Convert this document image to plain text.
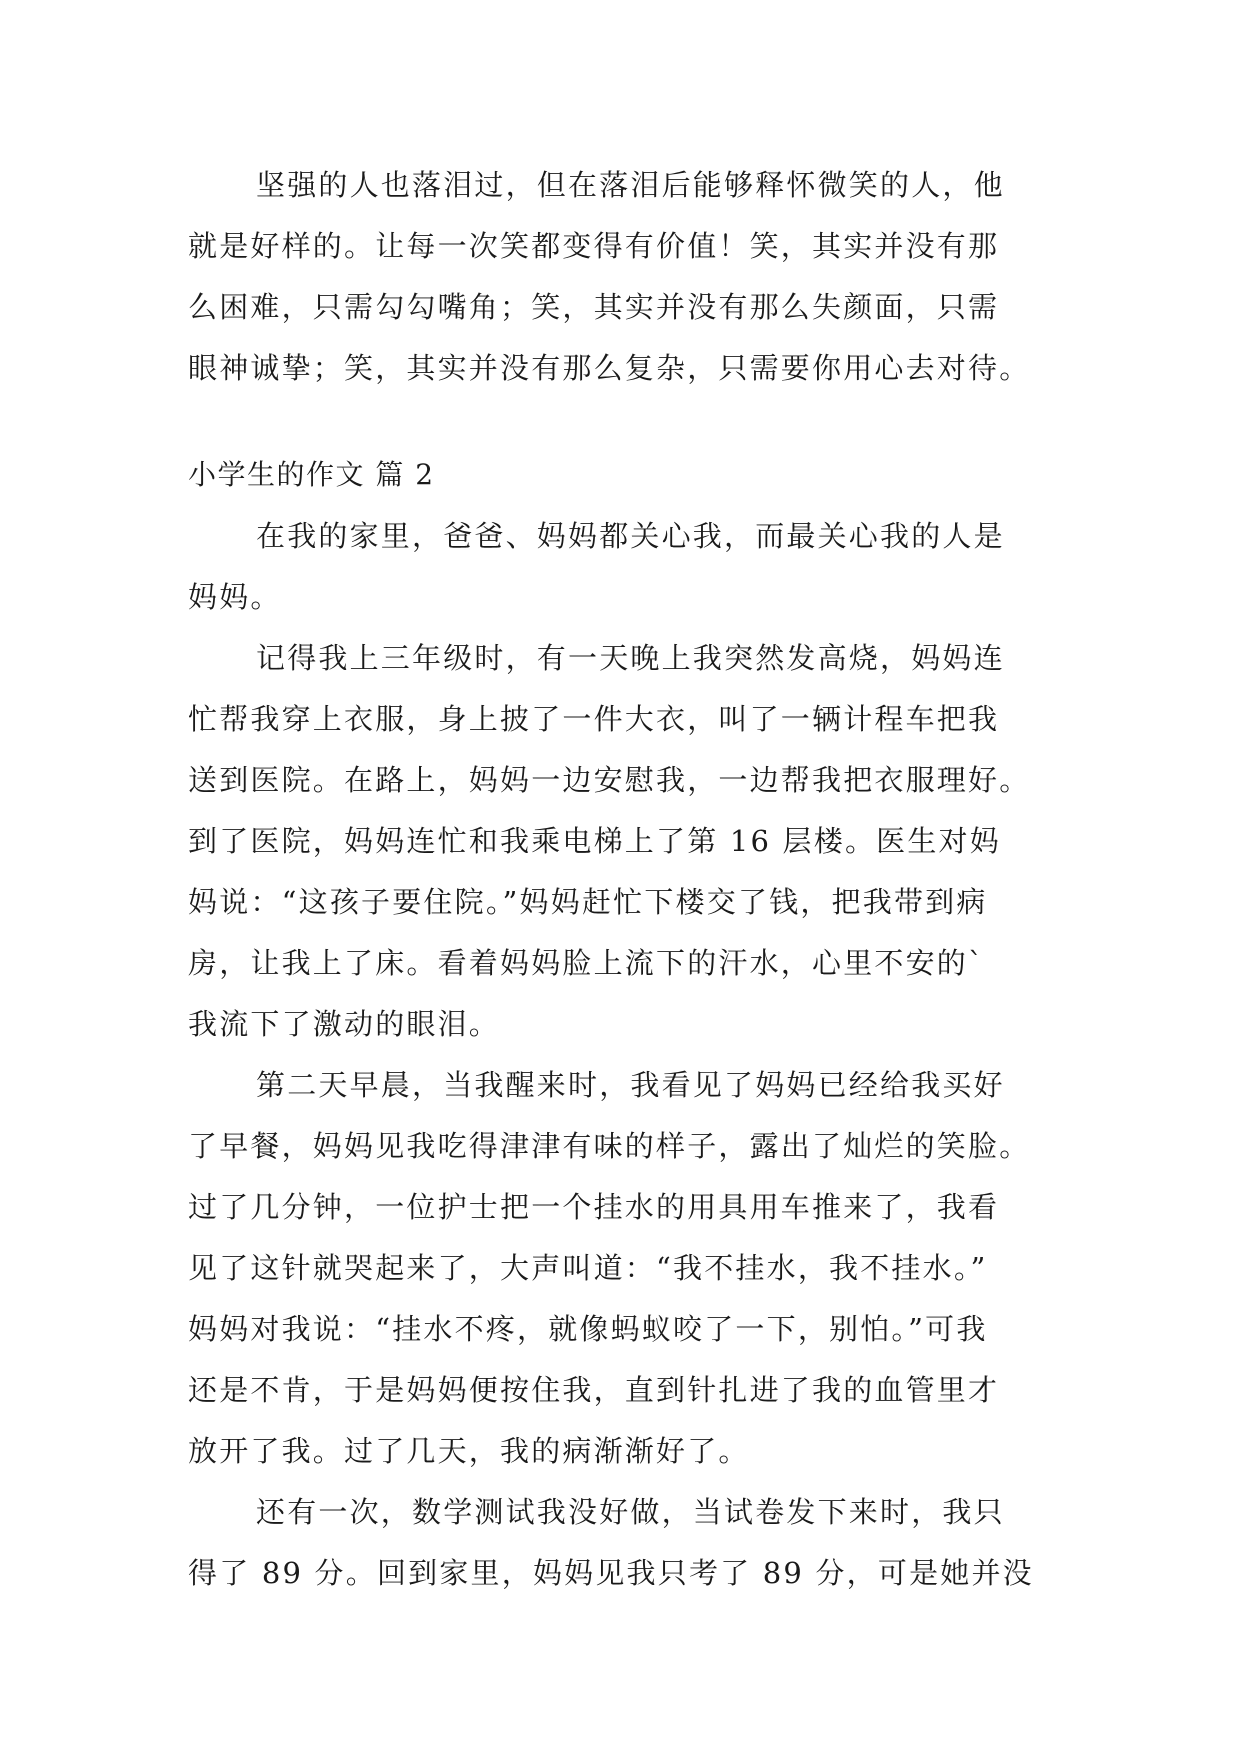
坚强的人也落泪过，但在落泪后能够释怀微笑的人，他
就是好样的。让每一次笑都变得有价值！笑，其实并没有那
么困难，只需勾勾嘴角；笑，其实并没有那么失颜面，只需
眼神诚挚；笑，其实并没有那么复杂，只需要你用心去对待。
小学生的作文 篇 2
在我的家里，爸爸、妈妈都关心我，而最关心我的人是
妈妈。
记得我上三年级时，有一天晚上我突然发高烧，妈妈连
忙帮我穿上衣服，身上披了一件大衣，叫了一辆计程车把我
送到医院。在路上，妈妈一边安慰我，一边帮我把衣服理好。
到了医院，妈妈连忙和我乘电梯上了第 16 层楼。医生对妈
妈说：“这孩子要住院。”妈妈赶忙下楼交了钱，把我带到病
房，让我上了床。看着妈妈脸上流下的汗水，心里不安的`
我流下了激动的眼泪。
第二天早晨，当我醒来时，我看见了妈妈已经给我买好
了早餐，妈妈见我吃得津津有味的样子，露出了灿烂的笑脸。
过了几分钟，一位护士把一个挂水的用具用车推来了，我看
见了这针就哭起来了，大声叫道：“我不挂水，我不挂水。”
妈妈对我说：“挂水不疼，就像蚂蚁咬了一下，别怕。”可我
还是不肯，于是妈妈便按住我，直到针扎进了我的血管里才
放开了我。过了几天，我的病渐渐好了。
还有一次，数学测试我没好做，当试卷发下来时，我只
得了 89 分。回到家里，妈妈见我只考了 89 分，可是她并没
